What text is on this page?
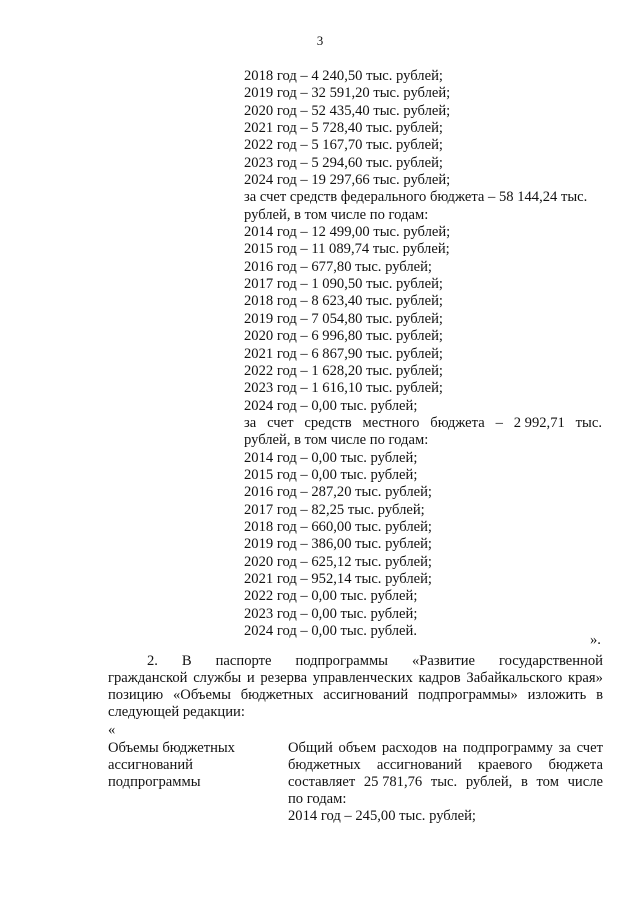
3
2018 год – 4 240,50 тыс. рублей;
2019 год – 32 591,20 тыс. рублей;
2020 год – 52 435,40 тыс. рублей;
2021 год – 5 728,40 тыс. рублей;
2022 год – 5 167,70 тыс. рублей;
2023 год – 5 294,60 тыс. рублей;
2024 год – 19 297,66 тыс. рублей;
за счет средств федерального бюджета – 58 144,24 тыс.
рублей, в том числе по годам:
2014 год – 12 499,00 тыс. рублей;
2015 год – 11 089,74 тыс. рублей;
2016 год – 677,80 тыс. рублей;
2017 год – 1 090,50 тыс. рублей;
2018 год – 8 623,40 тыс. рублей;
2019 год – 7 054,80 тыс. рублей;
2020 год – 6 996,80 тыс. рублей;
2021 год – 6 867,90 тыс. рублей;
2022 год – 1 628,20 тыс. рублей;
2023 год – 1 616,10 тыс. рублей;
2024 год – 0,00 тыс. рублей;
за счет средств местного бюджета – 2 992,71 тыс.
рублей, в том числе по годам:
2014 год – 0,00 тыс. рублей;
2015 год – 0,00 тыс. рублей;
2016 год – 287,20 тыс. рублей;
2017 год – 82,25 тыс. рублей;
2018 год – 660,00 тыс. рублей;
2019 год – 386,00 тыс. рублей;
2020 год – 625,12 тыс. рублей;
2021 год – 952,14 тыс. рублей;
2022 год – 0,00 тыс. рублей;
2023 год – 0,00 тыс. рублей;
2024 год – 0,00 тыс. рублей.
».
2. В паспорте подпрограммы «Развитие государственной
гражданской службы и резерва управленческих кадров Забайкальского края»
позицию «Объемы бюджетных ассигнований подпрограммы» изложить в
следующей редакции:
«
Объемы бюджетных
ассигнований
подпрограммы
Общий объем расходов на подпрограмму за счет
бюджетных ассигнований краевого бюджета
составляет 25 781,76 тыс. рублей, в том числе
по годам:
2014 год – 245,00 тыс. рублей;
